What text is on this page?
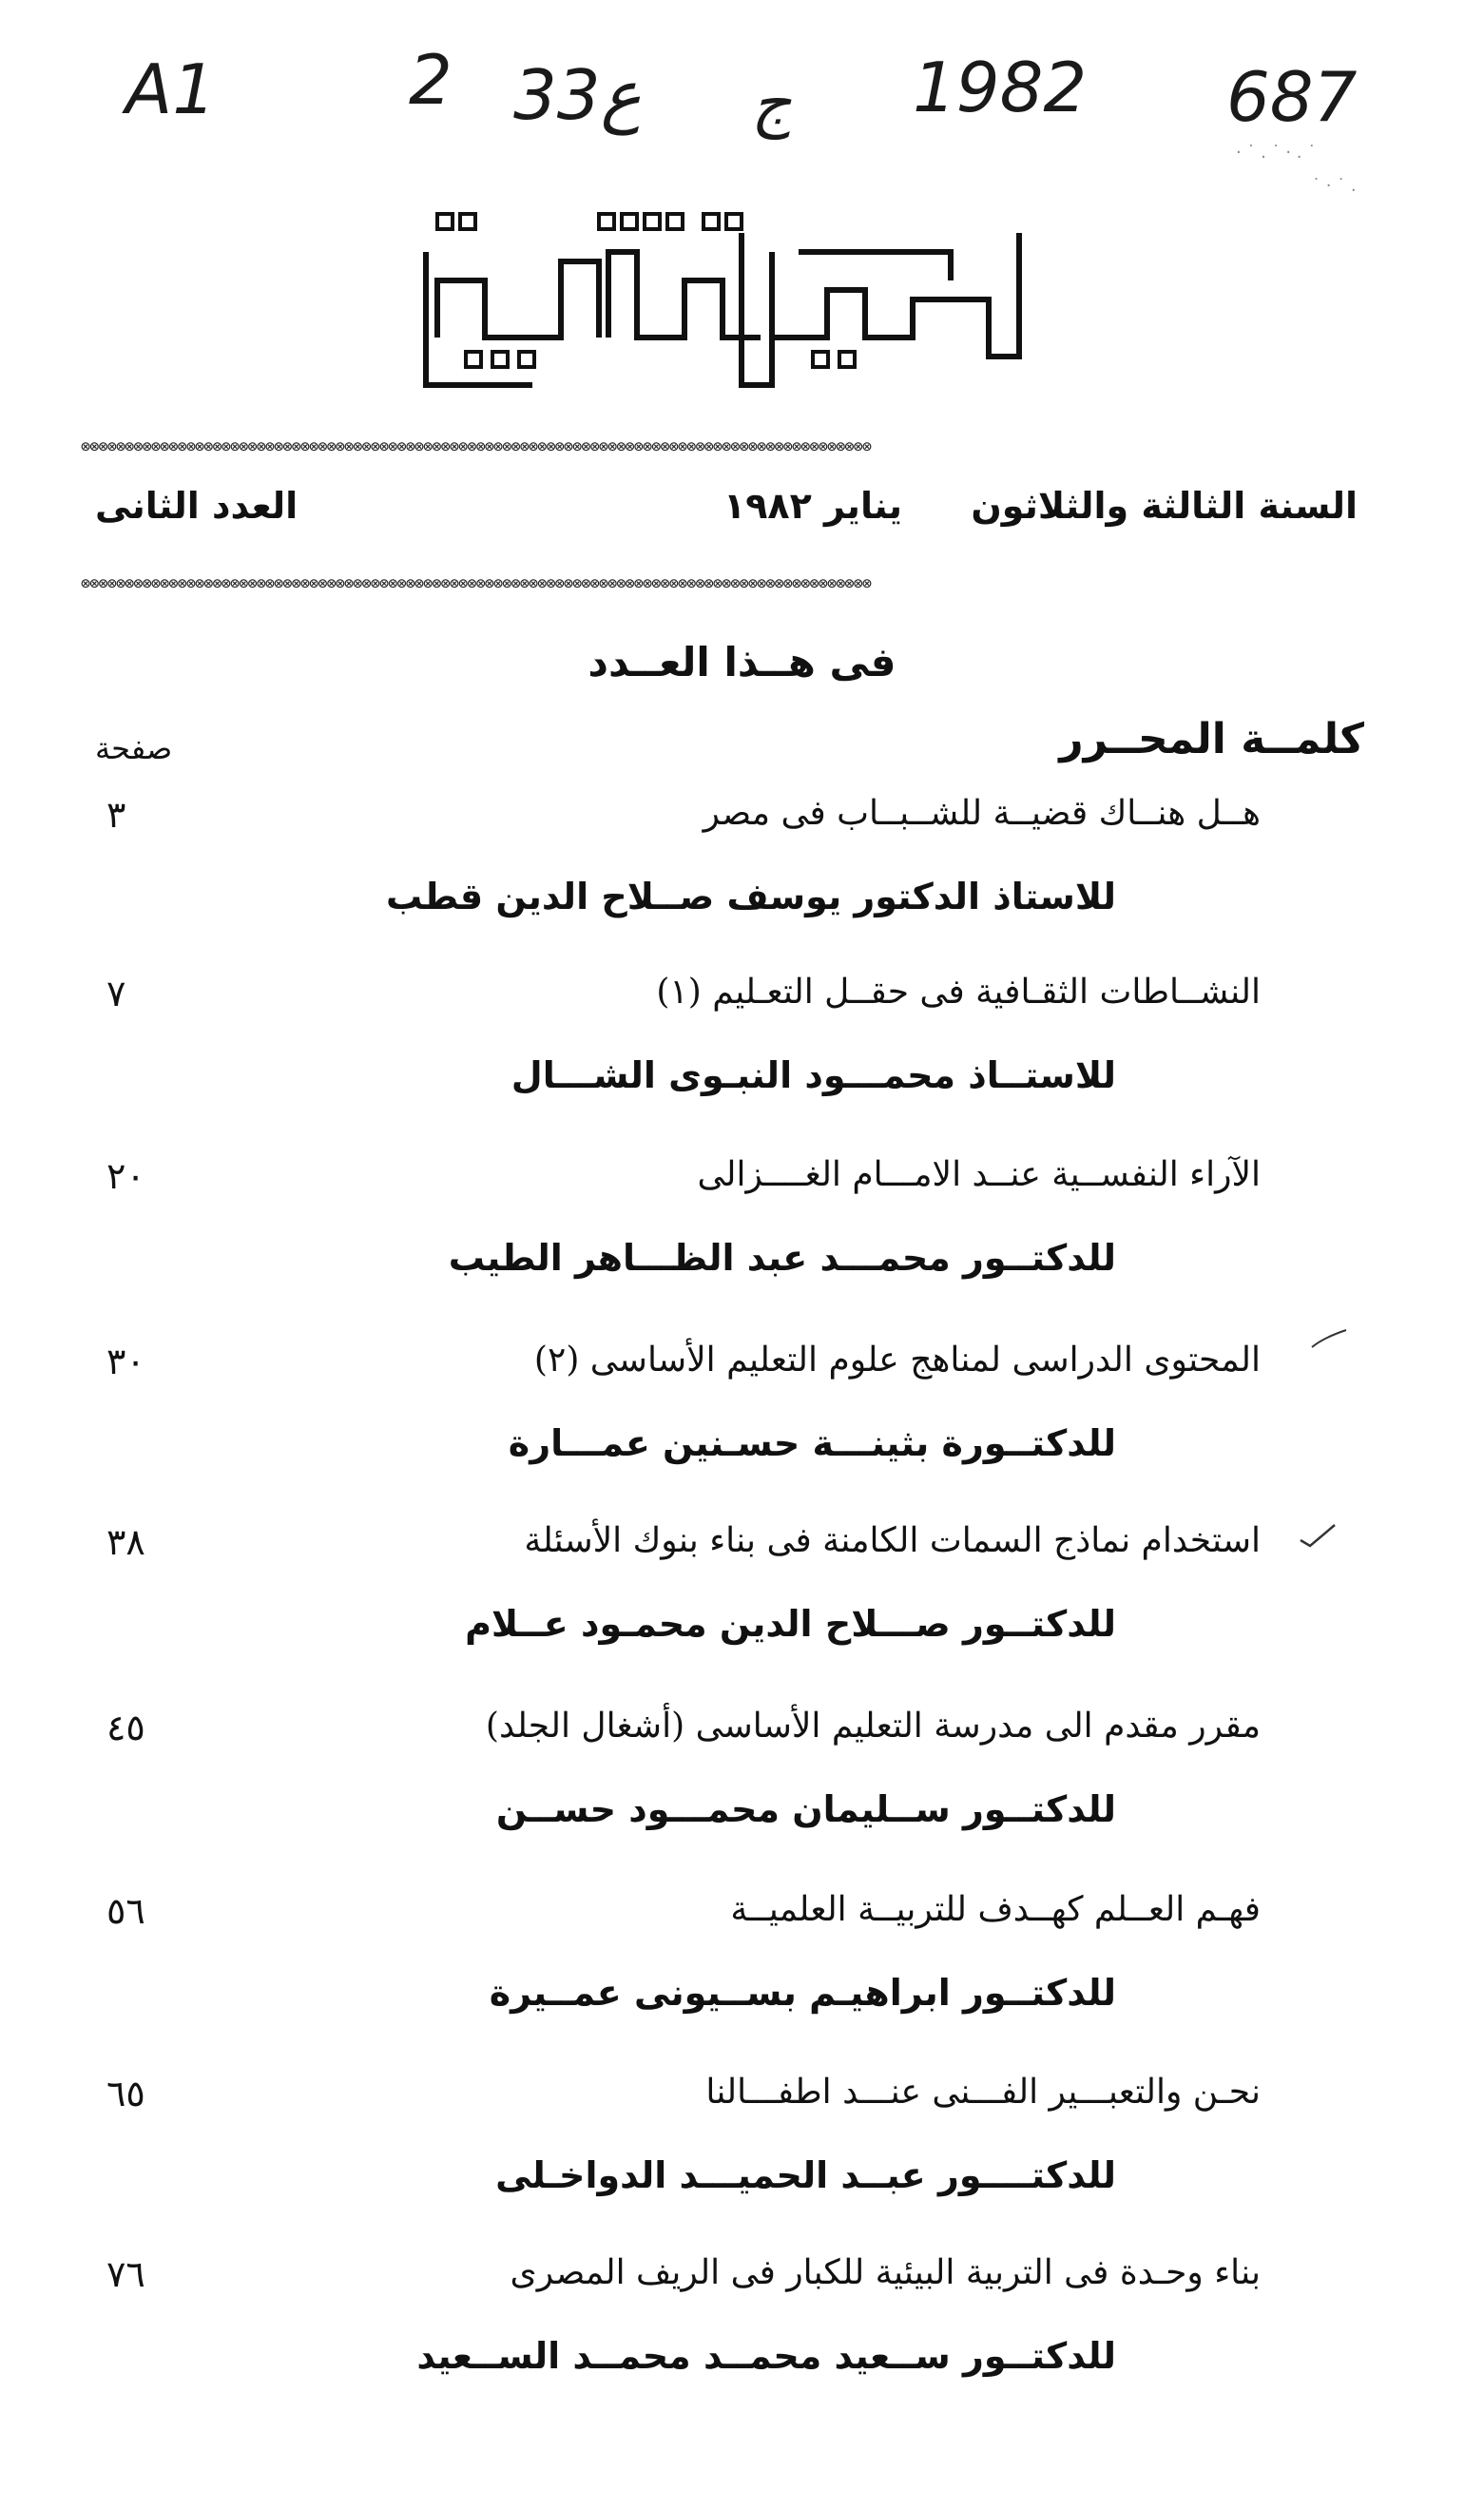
A1	2 ع33 ج 1982 687
· ˙ . ˙ · . ˙
˙ · ˙ .
⊗⊗⊗⊗⊗⊗⊗⊗⊗⊗⊗⊗⊗⊗⊗⊗⊗⊗⊗⊗⊗⊗⊗⊗⊗⊗⊗⊗⊗⊗⊗⊗⊗⊗⊗⊗⊗⊗⊗⊗⊗⊗⊗⊗⊗⊗⊗⊗⊗⊗⊗⊗⊗⊗⊗⊗⊗⊗⊗⊗⊗⊗⊗⊗⊗⊗⊗⊗⊗⊗⊗⊗⊗⊗⊗⊗⊗⊗⊗⊗⊗⊗⊗⊗⊗⊗⊗⊗⊗⊗
السنة الثالثة والثلاثون
يناير ١٩٨٢
العدد الثانى
⊗⊗⊗⊗⊗⊗⊗⊗⊗⊗⊗⊗⊗⊗⊗⊗⊗⊗⊗⊗⊗⊗⊗⊗⊗⊗⊗⊗⊗⊗⊗⊗⊗⊗⊗⊗⊗⊗⊗⊗⊗⊗⊗⊗⊗⊗⊗⊗⊗⊗⊗⊗⊗⊗⊗⊗⊗⊗⊗⊗⊗⊗⊗⊗⊗⊗⊗⊗⊗⊗⊗⊗⊗⊗⊗⊗⊗⊗⊗⊗⊗⊗⊗⊗⊗⊗⊗⊗⊗⊗
فى هــذا العــدد
صفحة	كلمــة المحــرر
هــل هنــاك قضيــة للشــبــاب فى مصر
للاستاذ الدكتور يوسف صــلاح الدين قطب
٣
النشــاطات الثقـافية فى حقــل التعـليم (١)
للاستــاذ محمـــود النبـوى الشـــال
٧
الآراء النفســية عنــد الامـــام الغــــزالى
للدكتــور محمـــد عبد الظـــاهر الطيب
٢٠
المحتوى الدراسى لمناهج علوم التعليم الأساسى (٢)
للدكتــورة بثينـــة حسـنين عمـــارة
٣٠
استخدام نماذج السمات الكامنة فى بناء بنوك الأسئلة
للدكتــور صـــلاح الدين محمـود عــلام
٣٨
مقرر مقدم الى مدرسة التعليم الأساسى (أشغال الجلد)
للدكتــور ســليمان محمـــود حســن
٤٥
فهـم العــلم كهــدف للتربيــة العلميــة
للدكتــور ابراهيـم بســيونى عمــيرة
٥٦
نحـن والتعبـــير الفـــنى عنـــد اطفـــالنا
للدكتــــور عبــد الحميـــد الدواخـلى
٦٥
بناء وحـدة فى التربية البيئية للكبار فى الريف المصرى
للدكتــور ســعيد محمــد محمــد الســعيد
٧٦
